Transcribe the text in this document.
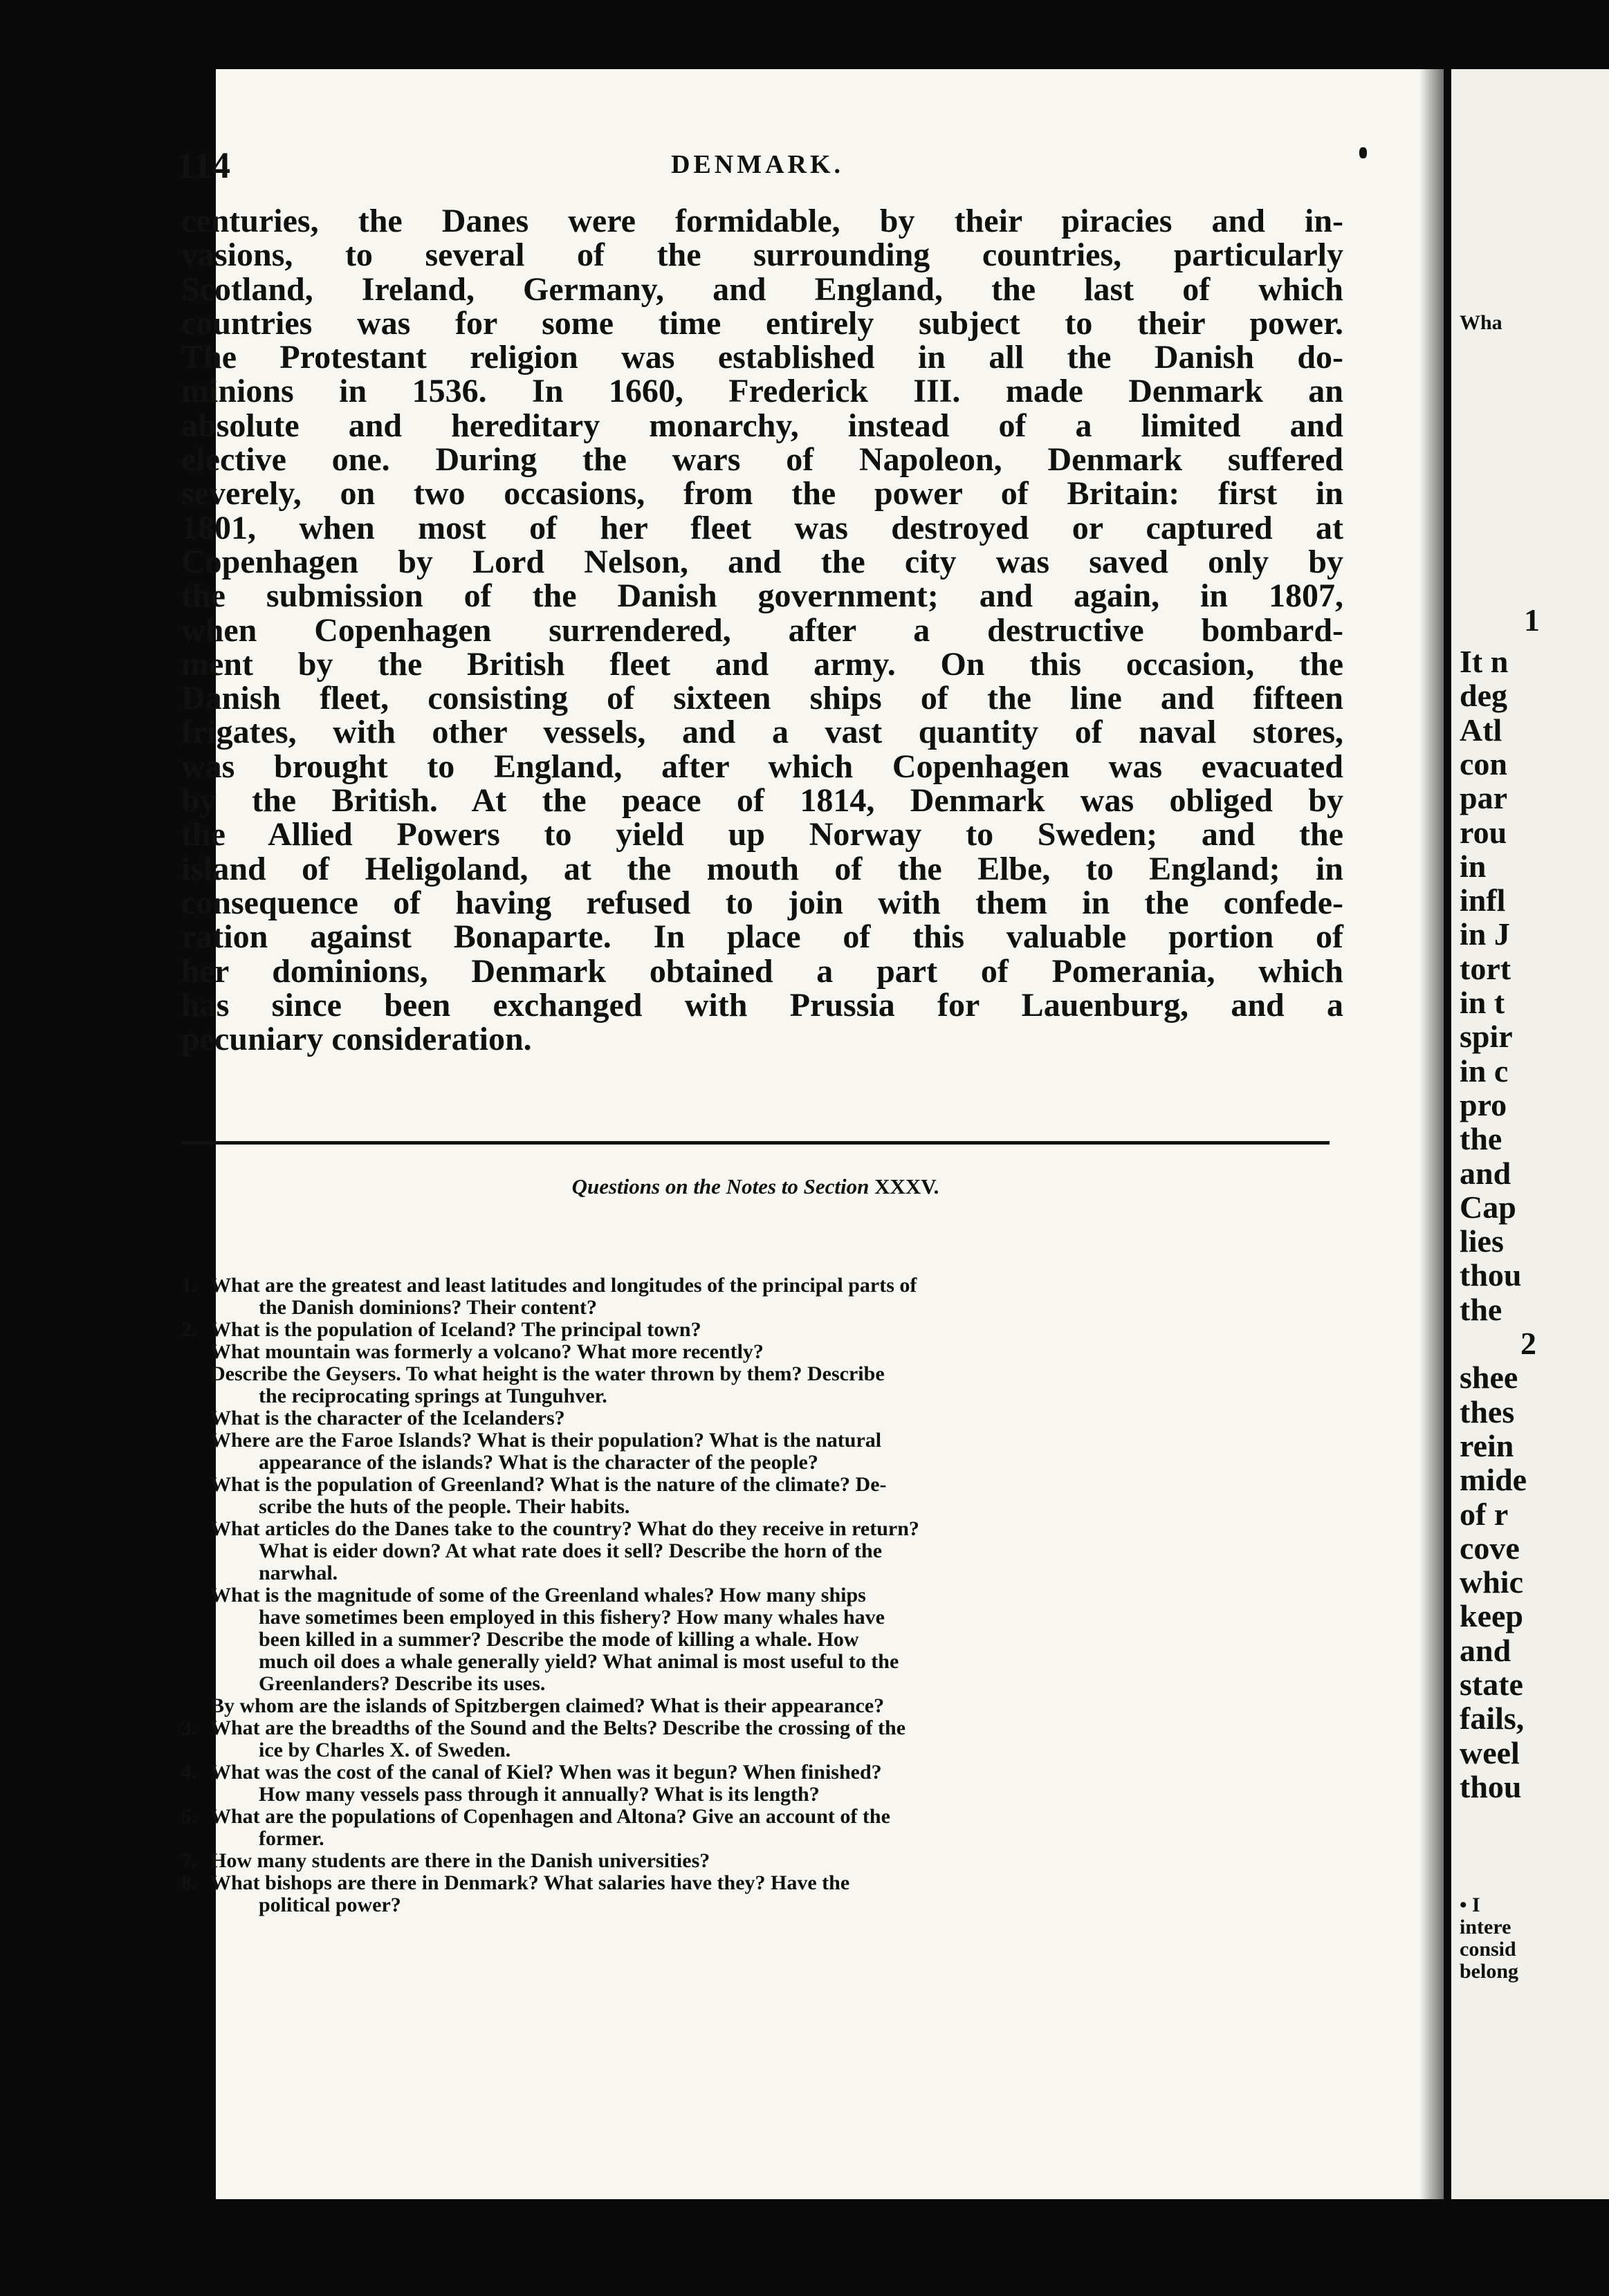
114	DENMARK.
centuries, the Danes were formidable, by their piracies and in-
vasions, to several of the surrounding countries, particularly
Scotland, Ireland, Germany, and England, the last of which
countries was for some time entirely subject to their power.
The Protestant religion was established in all the Danish do-
minions in 1536. In 1660, Frederick III. made Denmark an
absolute and hereditary monarchy, instead of a limited and
elective one. During the wars of Napoleon, Denmark suffered
severely, on two occasions, from the power of Britain: first in
1801, when most of her fleet was destroyed or captured at
Copenhagen by Lord Nelson, and the city was saved only by
the submission of the Danish government; and again, in 1807,
when Copenhagen surrendered, after a destructive bombard-
ment by the British fleet and army. On this occasion, the
Danish fleet, consisting of sixteen ships of the line and fifteen
frigates, with other vessels, and a vast quantity of naval stores,
was brought to England, after which Copenhagen was evacuated
by the British. At the peace of 1814, Denmark was obliged by
the Allied Powers to yield up Norway to Sweden; and the
island of Heligoland, at the mouth of the Elbe, to England; in
consequence of having refused to join with them in the confede-
ration against Bonaparte. In place of this valuable portion of
her dominions, Denmark obtained a part of Pomerania, which
has since been exchanged with Prussia for Lauenburg, and a
pecuniary consideration.
Questions on the Notes to Section XXXV.
1. What are the greatest and least latitudes and longitudes of the principal parts of
the Danish dominions? Their content?
2. What is the population of Iceland? The principal town?
What mountain was formerly a volcano? What more recently?
Describe the Geysers. To what height is the water thrown by them? Describe
the reciprocating springs at Tunguhver.
What is the character of the Icelanders?
Where are the Faroe Islands? What is their population? What is the natural
appearance of the islands? What is the character of the people?
What is the population of Greenland? What is the nature of the climate? De-
scribe the huts of the people. Their habits.
What articles do the Danes take to the country? What do they receive in return?
What is eider down? At what rate does it sell? Describe the horn of the
narwhal.
What is the magnitude of some of the Greenland whales? How many ships
have sometimes been employed in this fishery? How many whales have
been killed in a summer? Describe the mode of killing a whale. How
much oil does a whale generally yield? What animal is most useful to the
Greenlanders? Describe its uses.
By whom are the islands of Spitzbergen claimed? What is their appearance?
3. What are the breadths of the Sound and the Belts? Describe the crossing of the
ice by Charles X. of Sweden.
4. What was the cost of the canal of Kiel? When was it begun? When finished?
How many vessels pass through it annually? What is its length?
5. What are the populations of Copenhagen and Altona? Give an account of the
former.
7. How many students are there in the Danish universities?
8. What bishops are there in Denmark? What salaries have they? Have the
political power?
Wha
1
It n
deg
Atl
con
par
rou
in
infl
in J
tort
in t
spir
in c
pro
the
and
Cap
lies
thou
the
2
shee
thes
rein
mide
of r
cove
whic
keep
and
state
fails,
weel
thou
• I
intere
consid
belong
